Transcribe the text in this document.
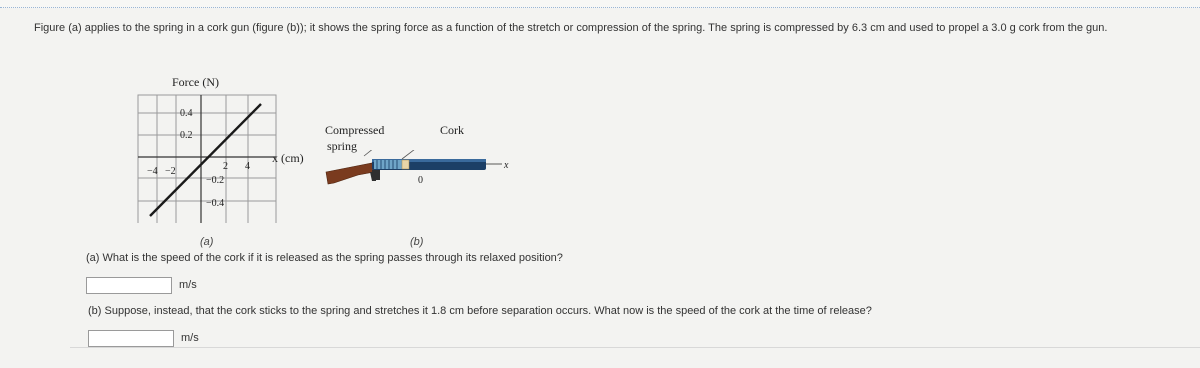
Figure (a) applies to the spring in a cork gun (figure (b)); it shows the spring force as a function of the stretch or compression of the spring. The spring is compressed by 6.3 cm and used to propel a 3.0 g cork from the gun.
Force (N)
0.4
0.2
−0.2
−0.4
−4 −2	2 4
x (cm)
Compressed
spring
Cork
x
0
(a)	(b)
(a) What is the speed of the cork if it is released as the spring passes through its relaxed position?
m/s
(b) Suppose, instead, that the cork sticks to the spring and stretches it 1.8 cm before separation occurs. What now is the speed of the cork at the time of release?
m/s
